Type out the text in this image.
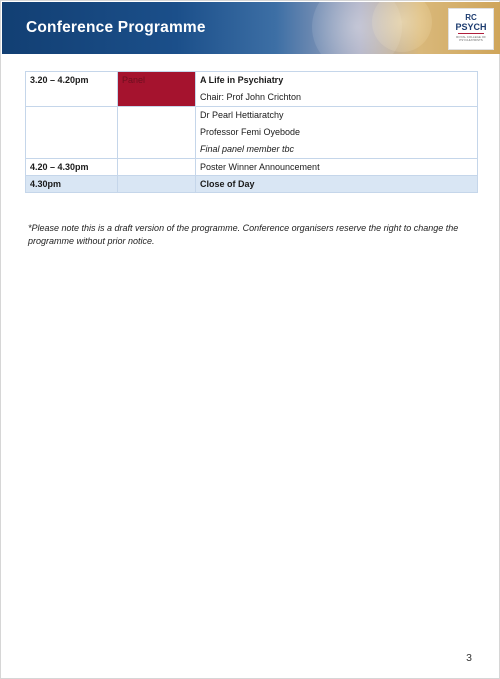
Conference Programme
RC
PSYCH
ROYAL COLLEGE OF PSYCHIATRISTS
3.20 – 4.20pm	Panel	A Life in Psychiatry
Chair: Prof John Crichton

		Dr Pearl Hettiaratchy
Professor Femi Oyebode
Final panel member tbc

4.20 – 4.30pm		Poster Winner Announcement
4.30pm		Close of Day
*Please note this is a draft version of the programme. Conference organisers reserve the right to change the programme without prior notice.
3
